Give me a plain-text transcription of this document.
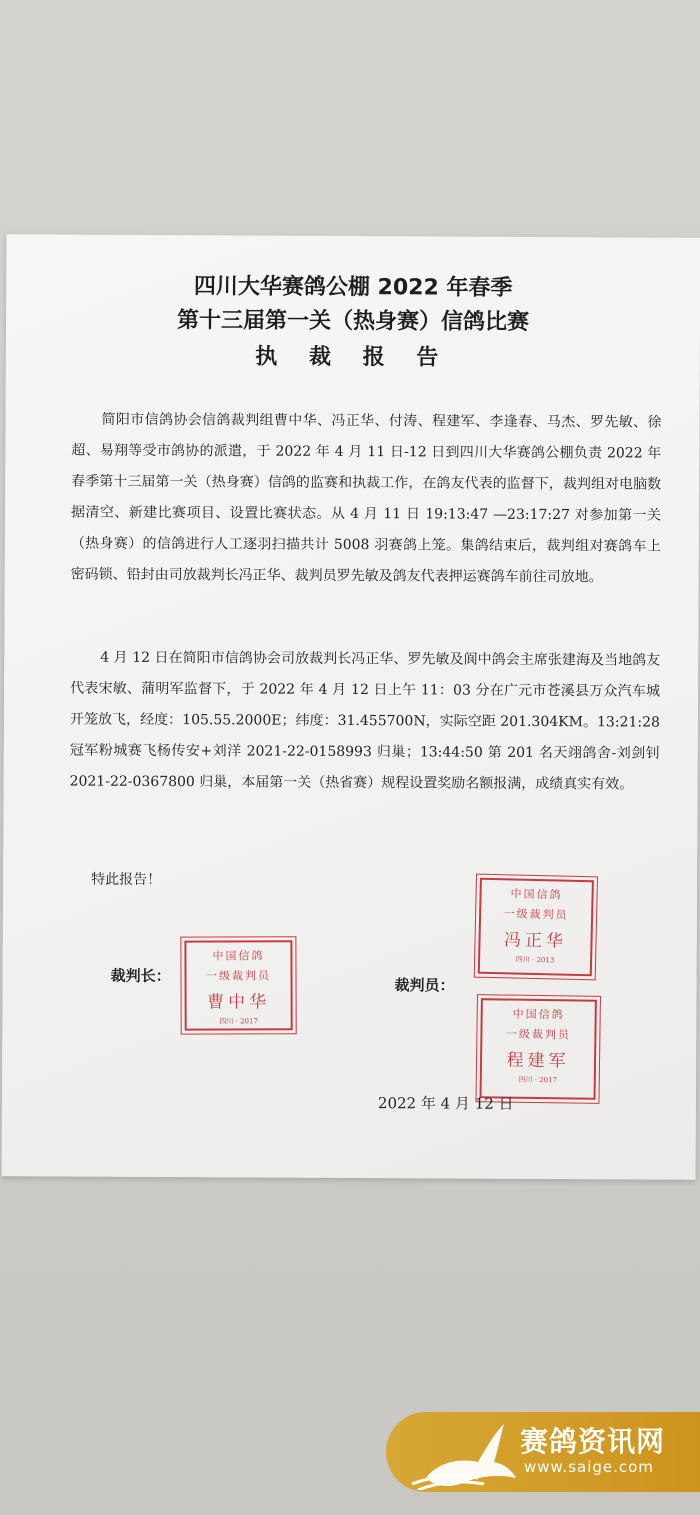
四川大华赛鸽公棚 2022 年春季
第十三届第一关（热身赛）信鸽比赛
执 裁 报 告
简阳市信鸽协会信鸽裁判组曹中华、冯正华、付涛、程建军、李逢春、马杰、罗先敏、徐超、易翔等受市鸽协的派遣，于 2022 年 4 月 11 日-12 日到四川大华赛鸽公棚负责 2022 年春季第十三届第一关（热身赛）信鸽的监赛和执裁工作，在鸽友代表的监督下，裁判组对电脑数据清空、新建比赛项目、设置比赛状态。从 4 月 11 日 19:13:47 —23:17:27 对参加第一关（热身赛）的信鸽进行人工逐羽扫描共计 5008 羽赛鸽上笼。集鸽结束后，裁判组对赛鸽车上密码锁、铅封由司放裁判长冯正华、裁判员罗先敏及鸽友代表押运赛鸽车前往司放地。
4 月 12 日在简阳市信鸽协会司放裁判长冯正华、罗先敏及阆中鸽会主席张建海及当地鸽友代表宋敏、蒲明军监督下，于 2022 年 4 月 12 日上午 11：03 分在广元市苍溪县万众汽车城开笼放飞，经度：105.55.2000E；纬度：31.455700N，实际空距 201.304KM。13:21:28 冠军粉城赛飞杨传安+刘洋 2021-22-0158993 归巢；13:44:50 第 201 名天翊鸽舍-刘剑钊 2021-22-0367800 归巢，本届第一关（热省赛）规程设置奖励名额报满，成绩真实有效。
特此报告！
裁判长：
裁判员：
中国信鸽
一级裁判员
曹中华
四川 · 2017
中国信鸽
一级裁判员
冯正华
四川 · 2013
中国信鸽
一级裁判员
程建军
四川 · 2017
2022 年 4 月 12 日
赛鸽资讯网
www.saige.com
